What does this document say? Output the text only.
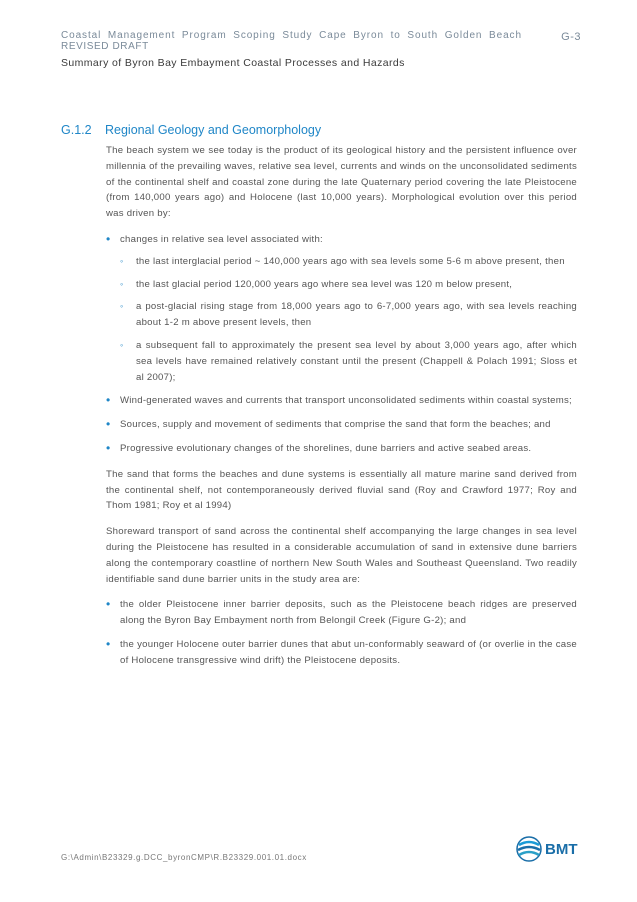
Coastal Management Program Scoping Study Cape Byron to South Golden Beach
REVISED DRAFT
Summary of Byron Bay Embayment Coastal Processes and Hazards
G-3
G.1.2	Regional Geology and Geomorphology

The beach system we see today is the product of its geological history and the persistent influence over millennia of the prevailing waves, relative sea level, currents and winds on the unconsolidated sediments of the continental shelf and coastal zone during the late Quaternary period covering the late Pleistocene (from 140,000 years ago) and Holocene (last 10,000 years). Morphological evolution over this period was driven by:

• changes in relative sea level associated with:
◦ the last interglacial period ~ 140,000 years ago with sea levels some 5-6 m above present, then
◦ the last glacial period 120,000 years ago where sea level was 120 m below present,
◦ a post-glacial rising stage from 18,000 years ago to 6-7,000 years ago, with sea levels reaching about 1-2 m above present levels, then
◦ a subsequent fall to approximately the present sea level by about 3,000 years ago, after which sea levels have remained relatively constant until the present (Chappell & Polach 1991; Sloss et al 2007);
• Wind-generated waves and currents that transport unconsolidated sediments within coastal systems;
• Sources, supply and movement of sediments that comprise the sand that form the beaches; and
• Progressive evolutionary changes of the shorelines, dune barriers and active seabed areas.

The sand that forms the beaches and dune systems is essentially all mature marine sand derived from the continental shelf, not contemporaneously derived fluvial sand (Roy and Crawford 1977; Roy and Thom 1981; Roy et al 1994)

Shoreward transport of sand across the continental shelf accompanying the large changes in sea level during the Pleistocene has resulted in a considerable accumulation of sand in extensive dune barriers along the contemporary coastline of northern New South Wales and Southeast Queensland. Two readily identifiable sand dune barrier units in the study area are:

• the older Pleistocene inner barrier deposits, such as the Pleistocene beach ridges are preserved along the Byron Bay Embayment north from Belongil Creek (Figure G-2); and
• the younger Holocene outer barrier dunes that abut un-conformably seaward of (or overlie in the case of Holocene transgressive wind drift) the Pleistocene deposits.
G:\Admin\B23329.g.DCC_byronCMP\R.B23329.001.01.docx	BMT
